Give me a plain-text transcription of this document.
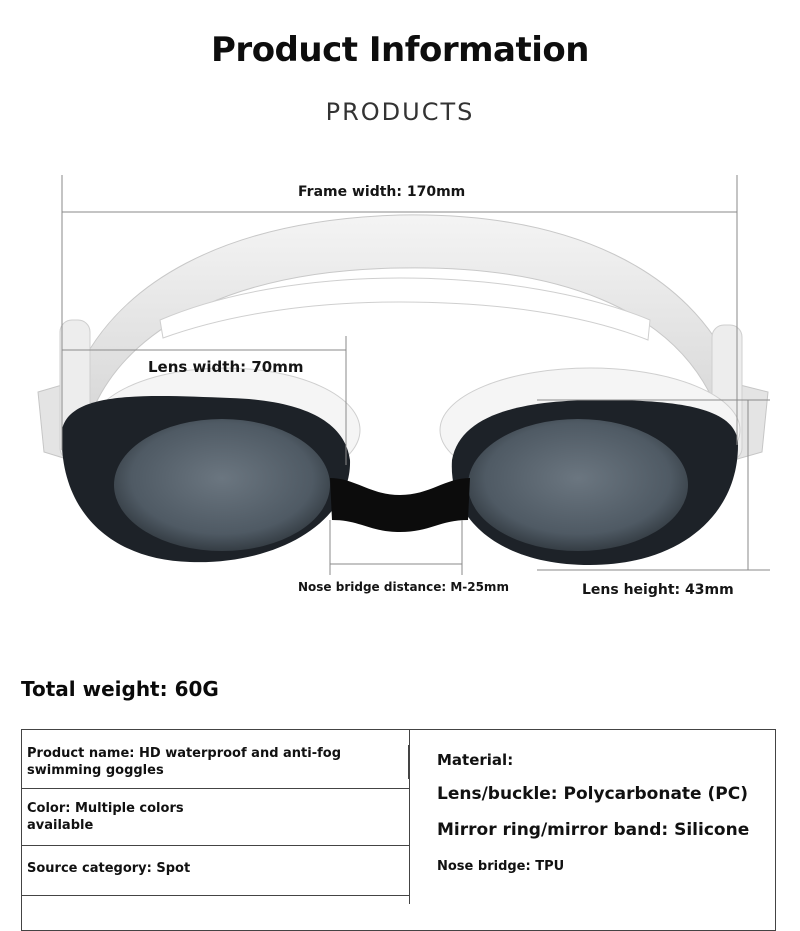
Product Information
PRODUCTS
Frame width: 170mm
Lens width: 70mm
Nose bridge distance: M-25mm	Lens height: 43mm
Total weight: 60G
Product name: HD waterproof and anti-fog swimming goggles
Color: Multiple colors available
Source category: Spot
Material:
Lens/buckle: Polycarbonate (PC)
Mirror ring/mirror band: Silicone
Nose bridge: TPU
